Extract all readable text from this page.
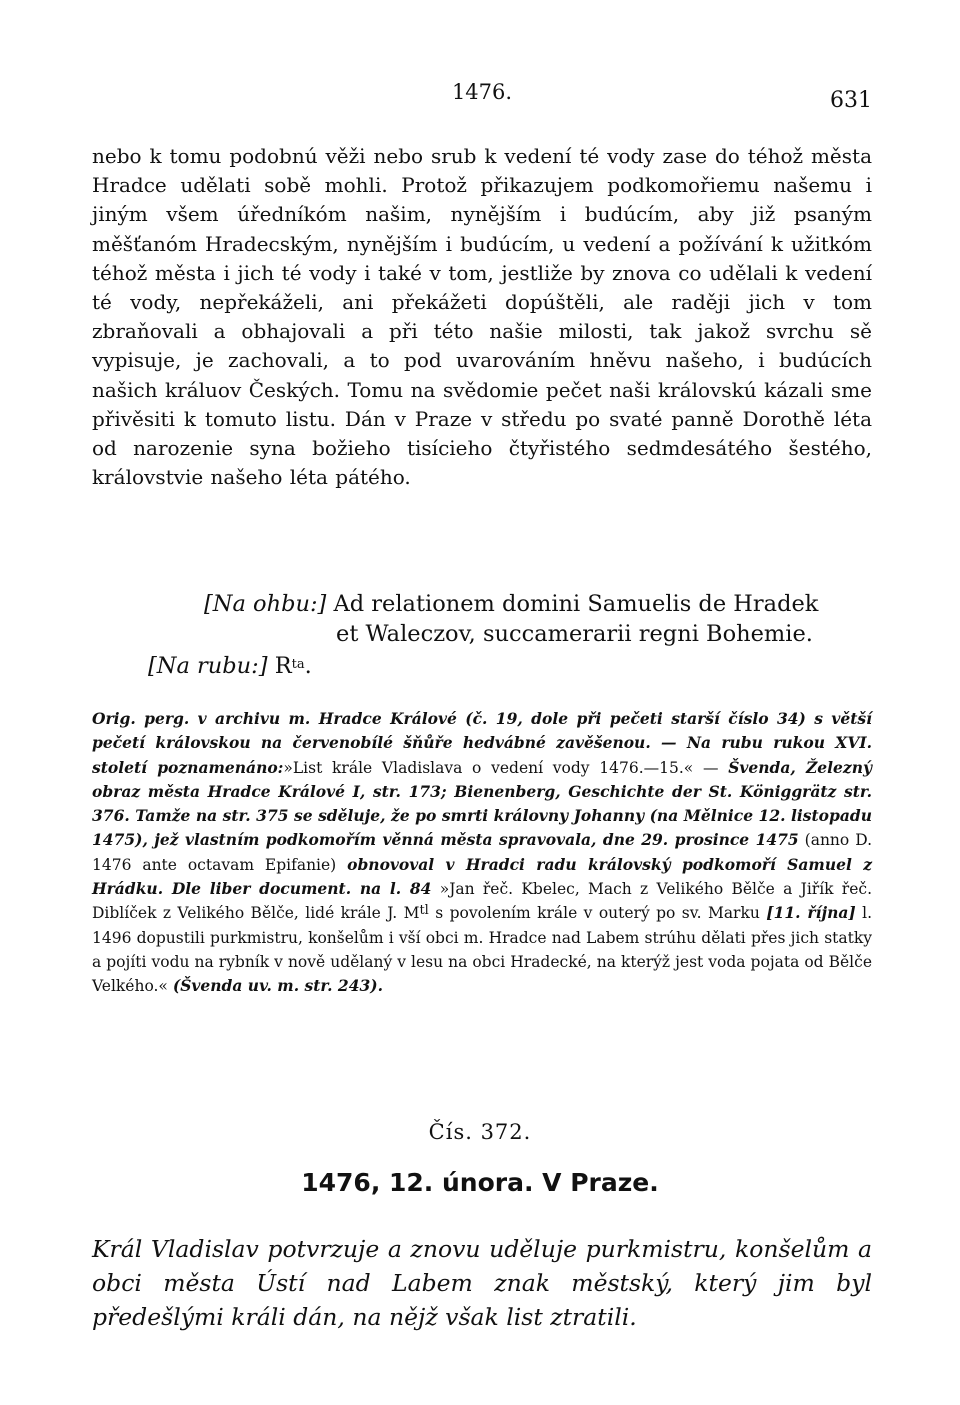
1476.	631

nebo k tomu podobnú věži nebo srub k vedení té vody zase do téhož města Hradce udělati sobě mohli. Protož přikazujem podkomořiemu našemu i jiným všem úředníkóm našim, nynějším i budúcím, aby již psaným měšťanóm Hradecským, nynějším i budúcím, u vedení a požívání k užitkóm téhož města i jich té vody i také v tom, jestliže by znova co udělali k vedení té vody, nepřekáželi, ani překážeti dopúštěli, ale raději jich v tom zbraňovali a obhajovali a při této našie milosti, tak jakož svrchu sě vypisuje, je zachovali, a to pod uvarováním hněvu našeho, i budúcích našich králuov Českých. Tomu na svědomie pečet naši královskú kázali sme přivěsiti k tomuto listu. Dán v Praze v středu po svaté panně Dorothě léta od narozenie syna božieho tisícieho čtyřistého sedmdesátého šestého, královstvie našeho léta pátého.

[Na ohbu:] Ad relationem domini Samuelis de Hradek
et Waleczov, succamerarii regni Bohemie.
[Na rubu:] $R^{ta}$.

Orig. perg. v archivu m. Hradce Králové (č. 19, dole při pečeti starší číslo 34) s větší pečetí královskou na červenobílé šňůře hedvábné zavěšenou. — Na rubu rukou XVI. století poznamenáno:»List krále Vladislava o vedení vody 1476.—15.« — Švenda, Železný obraz města Hradce Králové I, str. 173; Bienenberg, Geschichte der St. Königgrätz str. 376. Tamže na str. 375 se sděluje, že po smrti královny Johanny (na Mělnice 12. listopadu 1475), jež vlastním podkomořím věnná města spravovala, dne 29. prosince 1475 (anno D. 1476 ante octavam Epifanie) obnovoval v Hradci radu královský podkomoří Samuel z Hrádku. Dle liber document. na l. 84 »Jan řeč. Kbelec, Mach z Velikého Bělče a Jiřík řeč. Diblíček z Velikého Bělče, lidé krále J. $M^{tl}$ s povolením krále v outerý po sv. Marku [11. října] l. 1496 dopustili purkmistru, konšelům i vší obci m. Hradce nad Labem strúhu dělati přes jich statky a pojíti vodu na rybník v nově udělaný v lesu na obci Hradecké, na kterýž jest voda pojata od Bělče Velkého.« (Švenda uv. m. str. 243).

Čís. 372.
1476, 12. února. V Praze.

Král Vladislav potvrzuje a znovu uděluje purkmistru, konšelům a obci města Ústí nad Labem znak městský, který jim byl předešlými králi dán, na nějž však list ztratili.
